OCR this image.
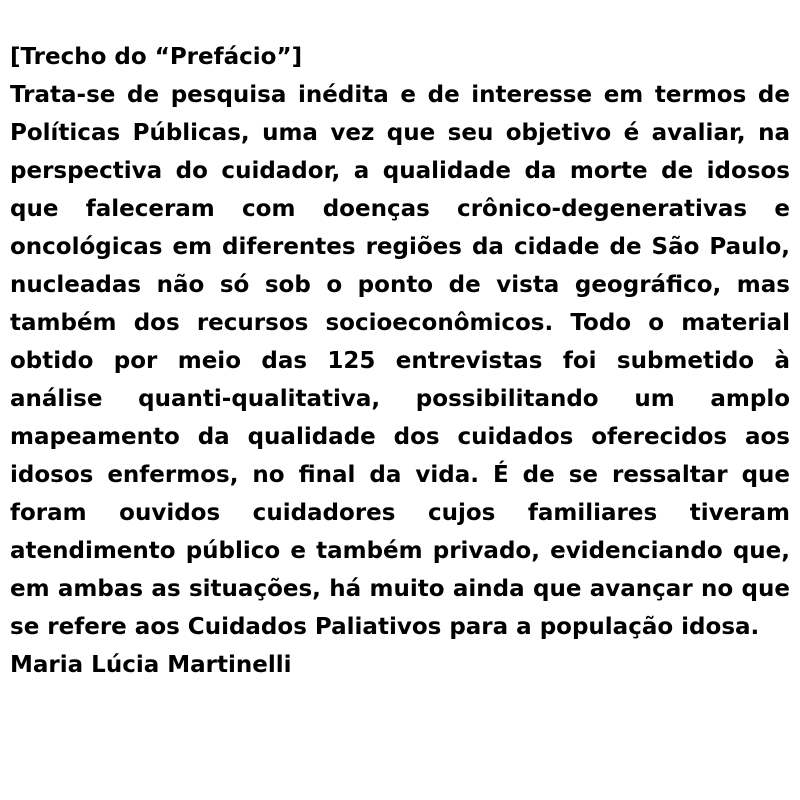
[Trecho do “Prefácio”]
Trata-se de pesquisa inédita e de interesse em termos de Políticas Públicas, uma vez que seu objetivo é avaliar, na perspectiva do cuidador, a qualidade da morte de idosos que faleceram com doenças crônico-degenerativas e oncológicas em diferentes regiões da cidade de São Paulo, nucleadas não só sob o ponto de vista geográfico, mas também dos recursos socioeconômicos. Todo o material obtido por meio das 125 entrevistas foi submetido à análise quanti-qualitativa, possibilitando um amplo mapeamento da qualidade dos cuidados oferecidos aos idosos enfermos, no final da vida. É de se ressaltar que foram ouvidos cuidadores cujos familiares tiveram atendimento público e também privado, evidenciando que, em ambas as situações, há muito ainda que avançar no que se refere aos Cuidados Paliativos para a população idosa.
Maria Lúcia Martinelli
